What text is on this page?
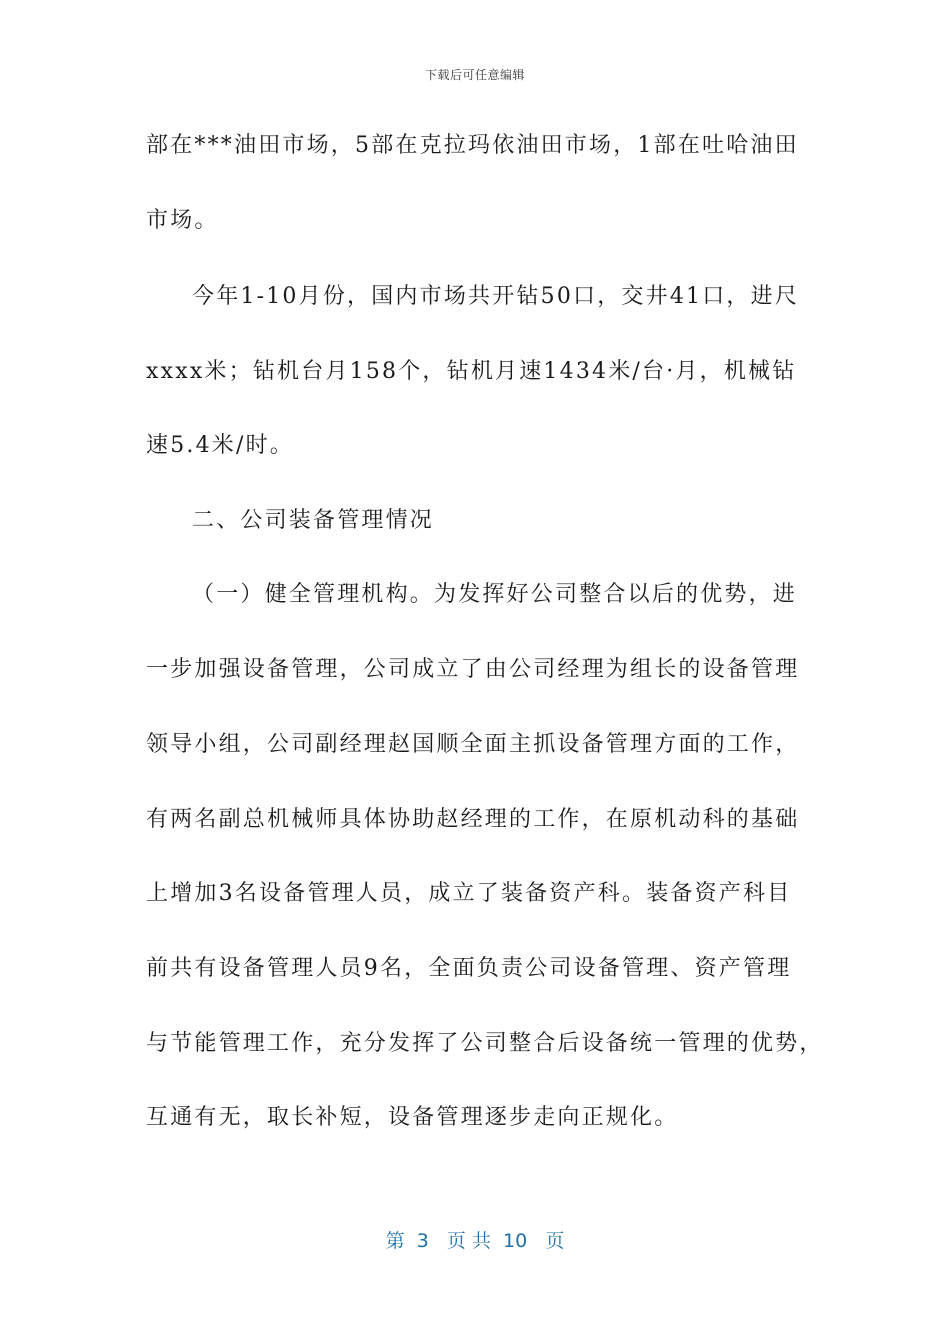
下载后可任意编辑
部在***油田市场，5部在克拉玛依油田市场，1部在吐哈油田
市场。
今年1-10月份，国内市场共开钻50口，交井41口，进尺
xxxx米；钻机台月158个，钻机月速1434米/台·月，机械钻
速5.4米/时。
二、公司装备管理情况
（一）健全管理机构。为发挥好公司整合以后的优势，进
一步加强设备管理，公司成立了由公司经理为组长的设备管理
领导小组，公司副经理赵国顺全面主抓设备管理方面的工作，
有两名副总机械师具体协助赵经理的工作，在原机动科的基础
上增加3名设备管理人员，成立了装备资产科。装备资产科目
前共有设备管理人员9名，全面负责公司设备管理、资产管理
与节能管理工作，充分发挥了公司整合后设备统一管理的优势，
互通有无，取长补短，设备管理逐步走向正规化。
第  3   页 共  10   页
